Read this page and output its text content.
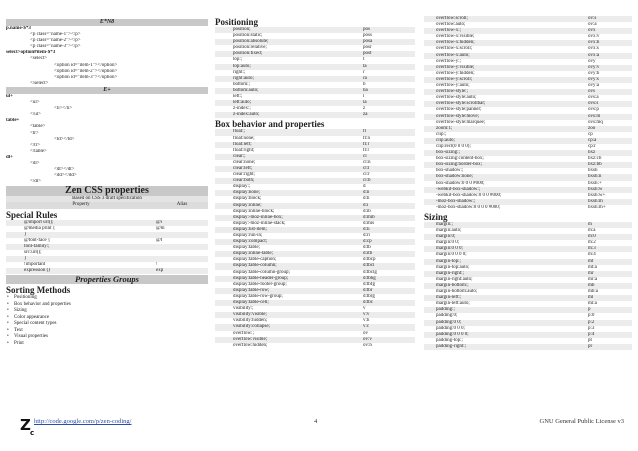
E*N8
p.name-$*3
<p class="name-1"></p>
<p class="name-2"></p>
<p class="name-3"></p>
select>option#item-$*3
<select>
<option id="item-1"></option>
<option id="item-2"></option>
<option id="item-3"></option>
</select>
E+
ul+
<ul>
<li></li>
</ul>
table+
<table>
<tr>
<td></td>
</tr>
</table>
dl+
<dl>
<dt></dt>
<dd></dd>
</dl>
Zen CSS properties
Based on CSS 3 draft specification
Property	Alias
Special Rules
@import url();	@i
@media print {	@m
}
@font-face {	@f
font-family:;
src:url();
}
!important	!
expression ()	exp
Properties Groups
Sorting Methods
• Positioning
• Box behavior and properties
• Sizing
• Color appearance
• Special content types
• Text
• Visual properties
• Print
Positioning
position;	pos
position:static;	poss
position:absolute;	posa
position:relative;	posr
position:fixed;	posf
top:;	t
top:auto;	ta
right:;	r
right:auto;	ra
bottom:;	b
bottom:auto;	ba
left:;	l
left:auto;	la
z-index:;	z
z-index:auto;	za
Box behavior and properties
float:;	fl
float:none;	fl:n
float:left;	fl:l
float:right;	fl:r
clear:;	cl
clear:none;	cl:n
clear:left;	cl:l
clear:right;	cl:r
clear:both;	cl:b
display:;	d
display:none;	d:n
display:block;	d:b
display:inline;	d:i
display:inline-block;	d:ib
display:-moz-inline-box;	d:mib
display:-moz-inline-stack;	d:mis
display:list-item;	d:li
display:run-in;	d:ri
display:compact;	d:cp
display:table;	d:tb
display:inline-table;	d:itb
display:table-caption;	d:tbcp
display:table-column;	d:tbcl
display:table-column-group;	d:tbclg
display:table-header-group;	d:tbhg
display:table-footer-group;	d:tbfg
display:table-row;	d:tbr
display:table-row-group;	d:tbrg
display:table-cell;	d:tbc
visibility:;	v
visibility:visible;	v:v
visibility:hidden;	v:h
visibility:collapse;	v:c
overflow:;	ov
overflow:visible;	ov:v
overflow:hidden;	ov:h
overflow:scroll;	ov:s
overflow:auto;	ov:a
overflow-x:;	ovx
overflow-x:visible;	ovx:v
overflow-x:hidden;	ovx:h
overflow-x:scroll;	ovx:s
overflow-x:auto;	ovx:a
overflow-y:;	ovy
overflow-y:visible;	ovy:v
overflow-y:hidden;	ovy:h
overflow-y:scroll;	ovy:s
overflow-y:auto;	ovy:a
overflow-style:;	ovs
overflow-style:auto;	ovs:a
overflow-style:scrollbar;	ovs:s
overflow-style:panner;	ovs:p
overflow-style:move;	ovs:m
overflow-style:marquee;	ovs:mq
zoom:1;	zoo
clip:;	cp
clip:auto;	cp:a
clip:rect(0 0 0 0);	cp:r
box-sizing:;	bxz
box-sizing:content-box;	bxz:cb
box-sizing:border-box;	bxz:bb
box-shadow:;	bxsh
box-shadow:none;	bxsh:n
box-shadow:0 0 0 #000;	bxsh:+
-webkit-box-shadow:;	bxsh:w
-webkit-box-shadow:0 0 0 #000;	bxsh:w+
-moz-box-shadow:;	bxsh:m
-moz-box-shadow:0 0 0 0 #000;	bxsh:m+
Sizing
margin:;	m
margin:auto;	m:a
margin:0;	m:0
margin:0 0;	m:2
margin:0 0 0;	m:3
margin:0 0 0 0;	m:4
margin-top:;	mt
margin-top:auto;	mt:a
margin-right:;	mr
margin-right:auto;	mr:a
margin-bottom:;	mb
margin-bottom:auto;	mb:a
margin-left:;	ml
margin-left:auto;	ml:a
padding:;	p
padding:0;	p:0
padding:0 0;	p:2
padding:0 0 0;	p:3
padding:0 0 0 0;	p:4
padding-top:;	pt
padding-right:;	pr
Z c
http://code.google.com/p/zen-coding/	4	GNU General Public License v3
